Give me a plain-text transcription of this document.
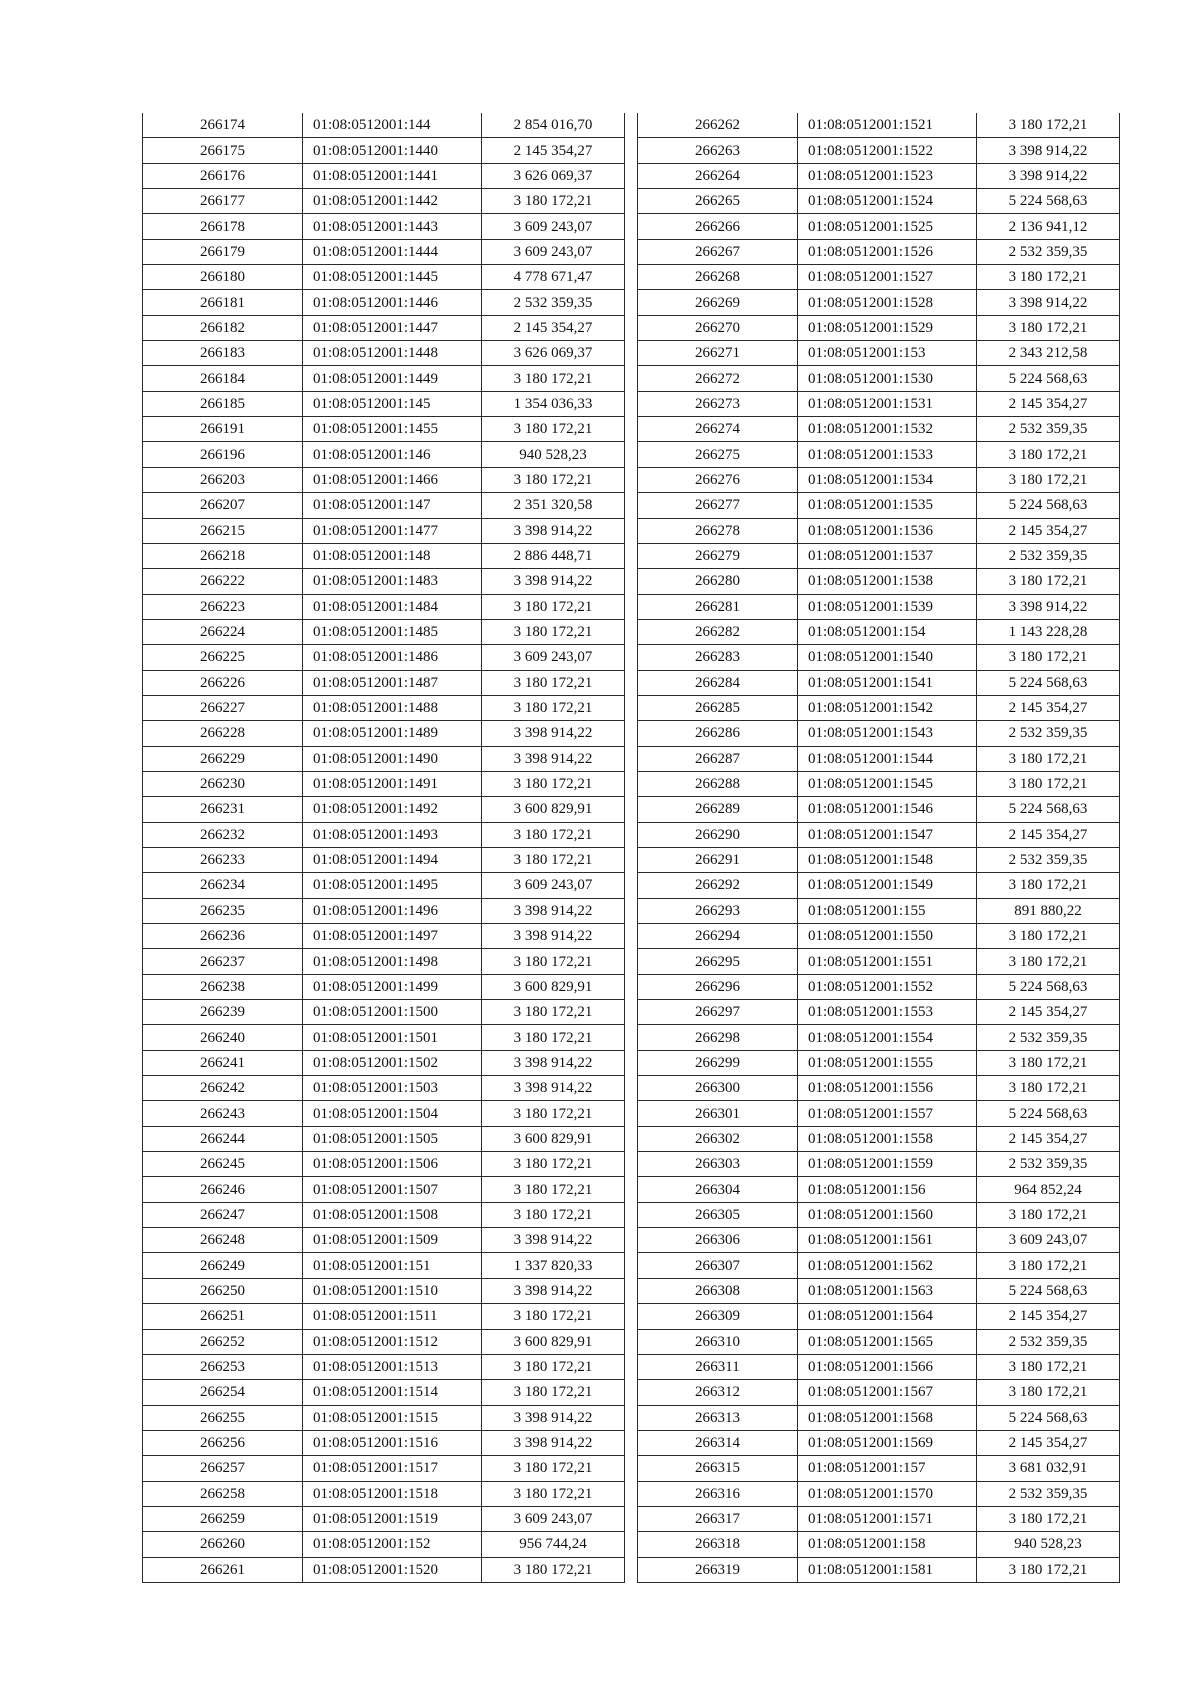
266174	01:08:0512001:144	2 854 016,70
266175	01:08:0512001:1440	2 145 354,27
266176	01:08:0512001:1441	3 626 069,37
266177	01:08:0512001:1442	3 180 172,21
266178	01:08:0512001:1443	3 609 243,07
266179	01:08:0512001:1444	3 609 243,07
266180	01:08:0512001:1445	4 778 671,47
266181	01:08:0512001:1446	2 532 359,35
266182	01:08:0512001:1447	2 145 354,27
266183	01:08:0512001:1448	3 626 069,37
266184	01:08:0512001:1449	3 180 172,21
266185	01:08:0512001:145	1 354 036,33
266191	01:08:0512001:1455	3 180 172,21
266196	01:08:0512001:146	940 528,23
266203	01:08:0512001:1466	3 180 172,21
266207	01:08:0512001:147	2 351 320,58
266215	01:08:0512001:1477	3 398 914,22
266218	01:08:0512001:148	2 886 448,71
266222	01:08:0512001:1483	3 398 914,22
266223	01:08:0512001:1484	3 180 172,21
266224	01:08:0512001:1485	3 180 172,21
266225	01:08:0512001:1486	3 609 243,07
266226	01:08:0512001:1487	3 180 172,21
266227	01:08:0512001:1488	3 180 172,21
266228	01:08:0512001:1489	3 398 914,22
266229	01:08:0512001:1490	3 398 914,22
266230	01:08:0512001:1491	3 180 172,21
266231	01:08:0512001:1492	3 600 829,91
266232	01:08:0512001:1493	3 180 172,21
266233	01:08:0512001:1494	3 180 172,21
266234	01:08:0512001:1495	3 609 243,07
266235	01:08:0512001:1496	3 398 914,22
266236	01:08:0512001:1497	3 398 914,22
266237	01:08:0512001:1498	3 180 172,21
266238	01:08:0512001:1499	3 600 829,91
266239	01:08:0512001:1500	3 180 172,21
266240	01:08:0512001:1501	3 180 172,21
266241	01:08:0512001:1502	3 398 914,22
266242	01:08:0512001:1503	3 398 914,22
266243	01:08:0512001:1504	3 180 172,21
266244	01:08:0512001:1505	3 600 829,91
266245	01:08:0512001:1506	3 180 172,21
266246	01:08:0512001:1507	3 180 172,21
266247	01:08:0512001:1508	3 180 172,21
266248	01:08:0512001:1509	3 398 914,22
266249	01:08:0512001:151	1 337 820,33
266250	01:08:0512001:1510	3 398 914,22
266251	01:08:0512001:1511	3 180 172,21
266252	01:08:0512001:1512	3 600 829,91
266253	01:08:0512001:1513	3 180 172,21
266254	01:08:0512001:1514	3 180 172,21
266255	01:08:0512001:1515	3 398 914,22
266256	01:08:0512001:1516	3 398 914,22
266257	01:08:0512001:1517	3 180 172,21
266258	01:08:0512001:1518	3 180 172,21
266259	01:08:0512001:1519	3 609 243,07
266260	01:08:0512001:152	956 744,24
266261	01:08:0512001:1520	3 180 172,21
266262	01:08:0512001:1521	3 180 172,21
266263	01:08:0512001:1522	3 398 914,22
266264	01:08:0512001:1523	3 398 914,22
266265	01:08:0512001:1524	5 224 568,63
266266	01:08:0512001:1525	2 136 941,12
266267	01:08:0512001:1526	2 532 359,35
266268	01:08:0512001:1527	3 180 172,21
266269	01:08:0512001:1528	3 398 914,22
266270	01:08:0512001:1529	3 180 172,21
266271	01:08:0512001:153	2 343 212,58
266272	01:08:0512001:1530	5 224 568,63
266273	01:08:0512001:1531	2 145 354,27
266274	01:08:0512001:1532	2 532 359,35
266275	01:08:0512001:1533	3 180 172,21
266276	01:08:0512001:1534	3 180 172,21
266277	01:08:0512001:1535	5 224 568,63
266278	01:08:0512001:1536	2 145 354,27
266279	01:08:0512001:1537	2 532 359,35
266280	01:08:0512001:1538	3 180 172,21
266281	01:08:0512001:1539	3 398 914,22
266282	01:08:0512001:154	1 143 228,28
266283	01:08:0512001:1540	3 180 172,21
266284	01:08:0512001:1541	5 224 568,63
266285	01:08:0512001:1542	2 145 354,27
266286	01:08:0512001:1543	2 532 359,35
266287	01:08:0512001:1544	3 180 172,21
266288	01:08:0512001:1545	3 180 172,21
266289	01:08:0512001:1546	5 224 568,63
266290	01:08:0512001:1547	2 145 354,27
266291	01:08:0512001:1548	2 532 359,35
266292	01:08:0512001:1549	3 180 172,21
266293	01:08:0512001:155	891 880,22
266294	01:08:0512001:1550	3 180 172,21
266295	01:08:0512001:1551	3 180 172,21
266296	01:08:0512001:1552	5 224 568,63
266297	01:08:0512001:1553	2 145 354,27
266298	01:08:0512001:1554	2 532 359,35
266299	01:08:0512001:1555	3 180 172,21
266300	01:08:0512001:1556	3 180 172,21
266301	01:08:0512001:1557	5 224 568,63
266302	01:08:0512001:1558	2 145 354,27
266303	01:08:0512001:1559	2 532 359,35
266304	01:08:0512001:156	964 852,24
266305	01:08:0512001:1560	3 180 172,21
266306	01:08:0512001:1561	3 609 243,07
266307	01:08:0512001:1562	3 180 172,21
266308	01:08:0512001:1563	5 224 568,63
266309	01:08:0512001:1564	2 145 354,27
266310	01:08:0512001:1565	2 532 359,35
266311	01:08:0512001:1566	3 180 172,21
266312	01:08:0512001:1567	3 180 172,21
266313	01:08:0512001:1568	5 224 568,63
266314	01:08:0512001:1569	2 145 354,27
266315	01:08:0512001:157	3 681 032,91
266316	01:08:0512001:1570	2 532 359,35
266317	01:08:0512001:1571	3 180 172,21
266318	01:08:0512001:158	940 528,23
266319	01:08:0512001:1581	3 180 172,21
